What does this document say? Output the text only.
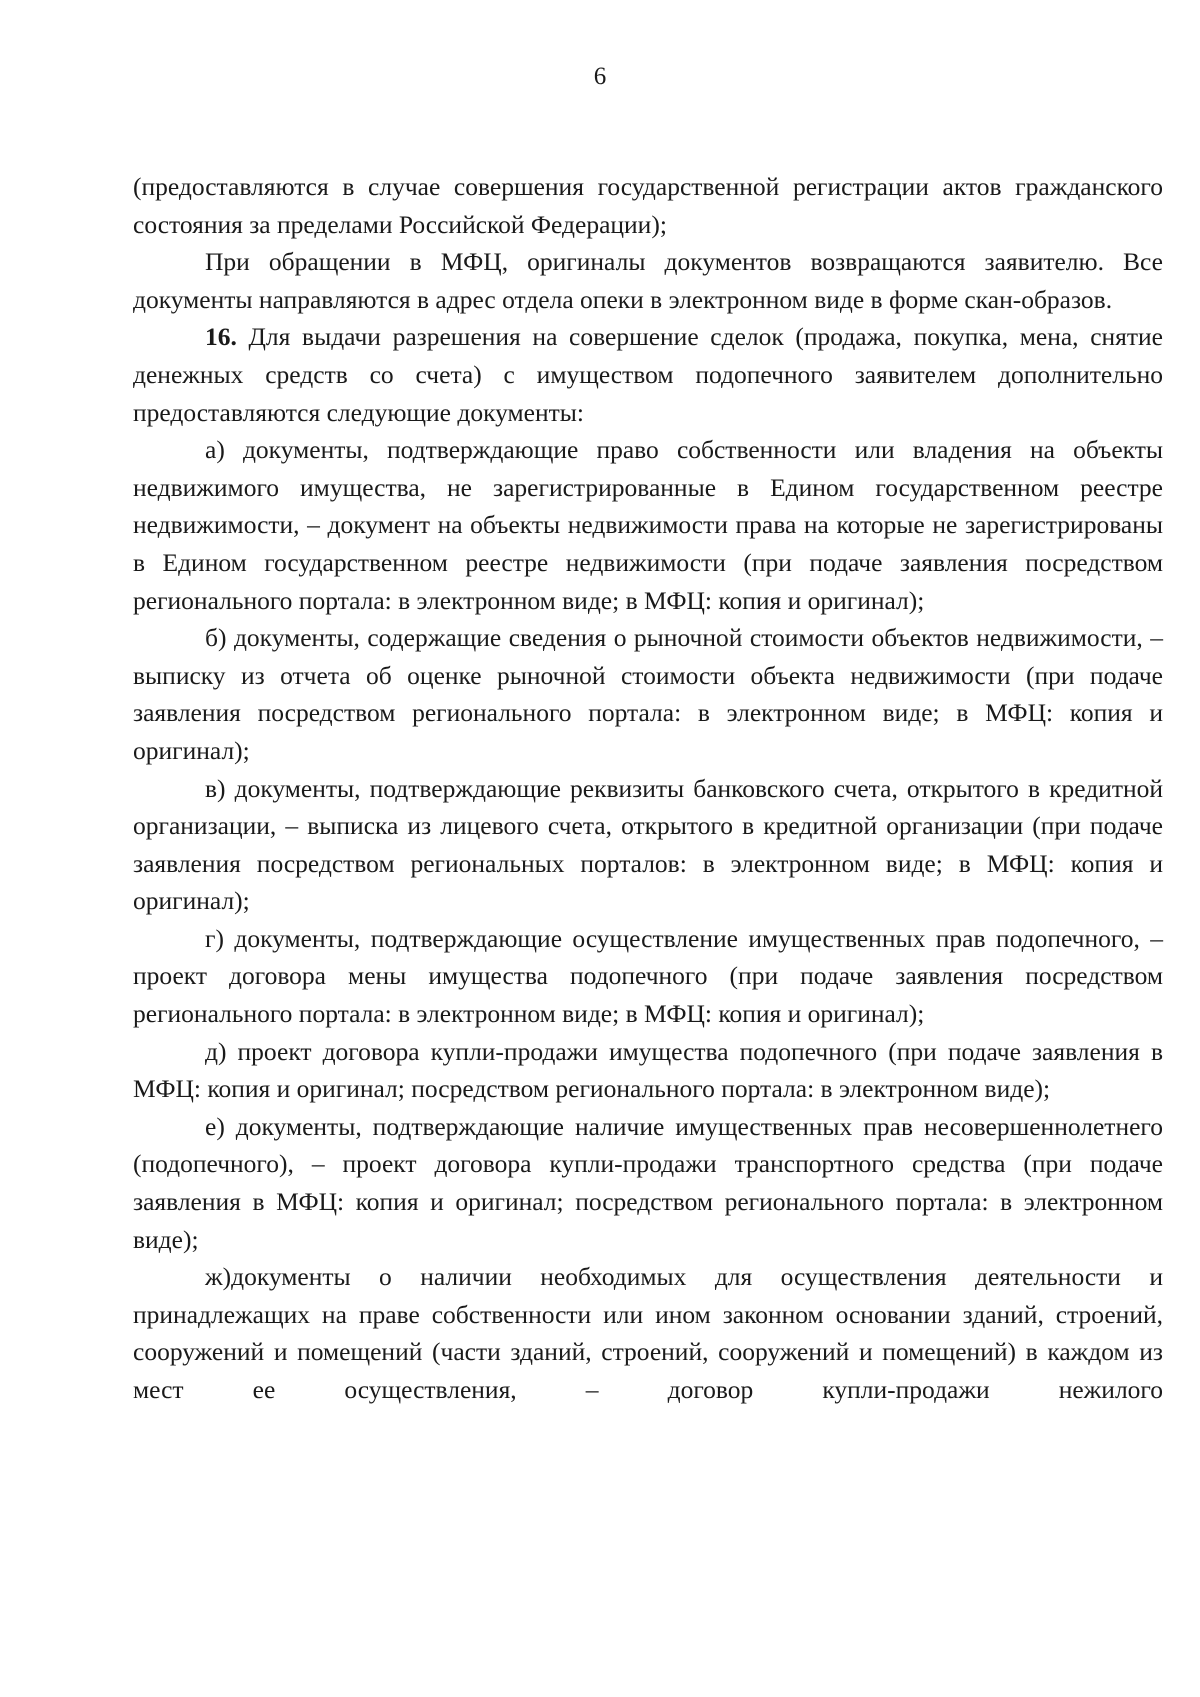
6

(предоставляются в случае совершения государственной регистрации актов гражданского состояния за пределами Российской Федерации);

При обращении в МФЦ, оригиналы документов возвращаются заявителю. Все документы направляются в адрес отдела опеки в электронном виде в форме скан-образов.

16. Для выдачи разрешения на совершение сделок (продажа, покупка, мена, снятие денежных средств со счета) с имуществом подопечного заявителем дополнительно предоставляются следующие документы:

а) документы, подтверждающие право собственности или владения на объекты недвижимого имущества, не зарегистрированные в Едином государственном реестре недвижимости, – документ на объекты недвижимости права на которые не зарегистрированы в Едином государственном реестре недвижимости (при подаче заявления посредством регионального портала: в электронном виде; в МФЦ: копия и оригинал);

б) документы, содержащие сведения о рыночной стоимости объектов недвижимости, – выписку из отчета об оценке рыночной стоимости объекта недвижимости (при подаче заявления посредством регионального портала: в электронном виде; в МФЦ: копия и оригинал);

в) документы, подтверждающие реквизиты банковского счета, открытого в кредитной организации, – выписка из лицевого счета, открытого в кредитной организации (при подаче заявления посредством региональных порталов: в электронном виде; в МФЦ: копия и оригинал);

г) документы, подтверждающие осуществление имущественных прав подопечного, – проект договора мены имущества подопечного (при подаче заявления посредством регионального портала: в электронном виде; в МФЦ: копия и оригинал);

д) проект договора купли-продажи имущества подопечного (при подаче заявления в МФЦ: копия и оригинал; посредством регионального портала: в электронном виде);

е) документы, подтверждающие наличие имущественных прав несовершеннолетнего (подопечного), – проект договора купли-продажи транспортного средства (при подаче заявления в МФЦ: копия и оригинал; посредством регионального портала: в электронном виде);

ж)документы о наличии необходимых для осуществления деятельности и принадлежащих на праве собственности или ином законном основании зданий, строений, сооружений и помещений (части зданий, строений, сооружений и помещений) в каждом из мест ее осуществления, – договор купли-продажи нежилого
